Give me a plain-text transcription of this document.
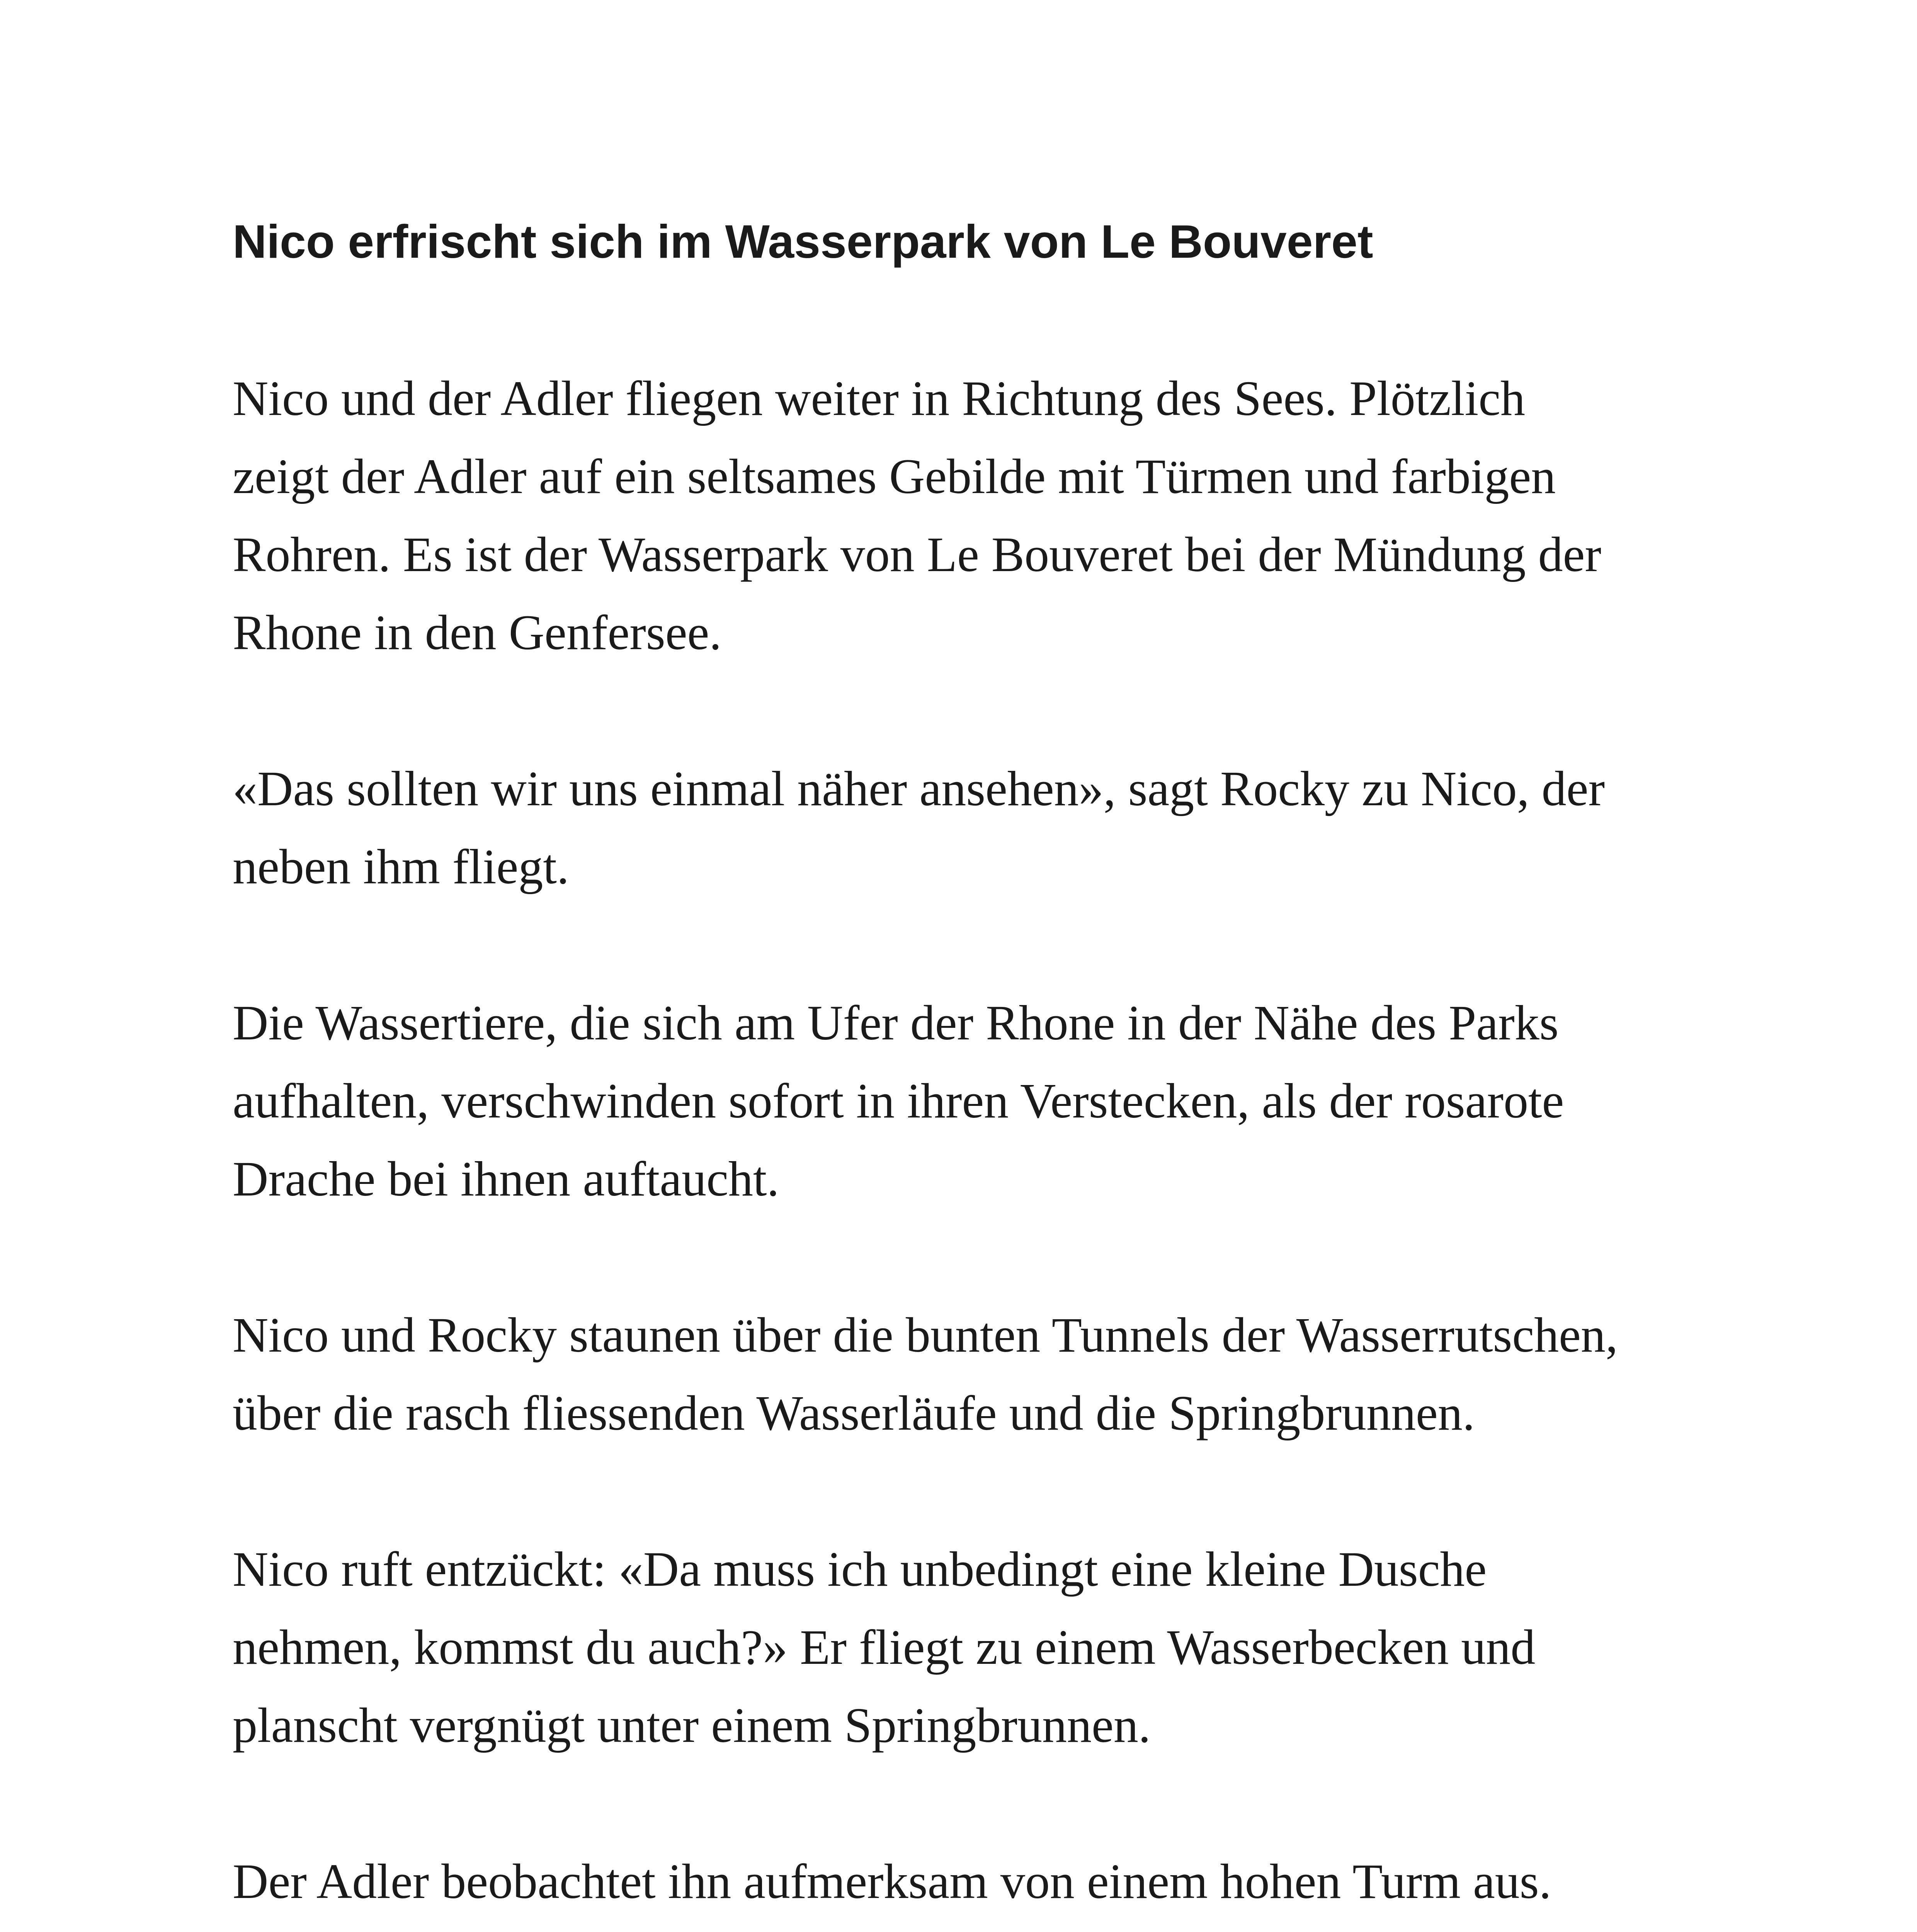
Nico erfrischt sich im Wasserpark von Le Bouveret

Nico und der Adler fliegen weiter in Richtung des Sees. Plötzlich
zeigt der Adler auf ein seltsames Gebilde mit Türmen und farbigen
Rohren. Es ist der Wasserpark von Le Bouveret bei der Mündung der
Rhone in den Genfersee.

«Das sollten wir uns einmal näher ansehen», sagt Rocky zu Nico, der
neben ihm fliegt.

Die Wassertiere, die sich am Ufer der Rhone in der Nähe des Parks
aufhalten, verschwinden sofort in ihren Verstecken, als der rosarote
Drache bei ihnen auftaucht.

Nico und Rocky staunen über die bunten Tunnels der Wasserrutschen,
über die rasch fliessenden Wasserläufe und die Springbrunnen.

Nico ruft entzückt: «Da muss ich unbedingt eine kleine Dusche
nehmen, kommst du auch?» Er fliegt zu einem Wasserbecken und
planscht vergnügt unter einem Springbrunnen.

Der Adler beobachtet ihn aufmerksam von einem hohen Turm aus.
